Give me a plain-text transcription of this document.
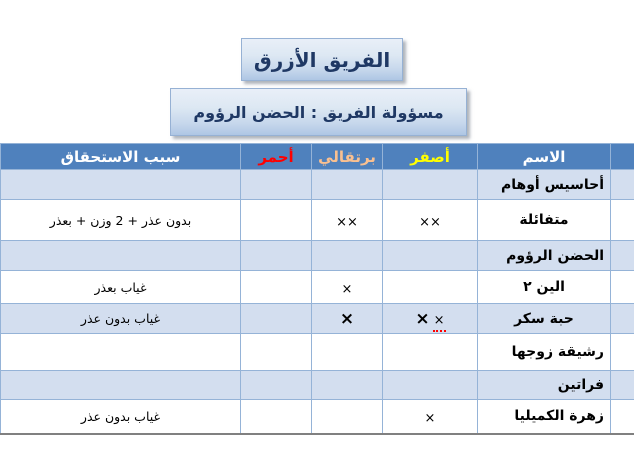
الفريق الأزرق
مسؤولة الفريق : الحضن الرؤوم
	الاسم	أصفر	برتقالي	أحمر	سبب الاستحقاق
	أحاسيس أوهام				
	متفائلة	××	××		بدون عذر + 2 وزن + بعذر
	الحضن الرؤوم				
	الين ٢		×		غياب بعذر
	حبة سكر	× ×	×		غياب بدون عذر
	رشيقة زوجها				
	فراتين				
	زهرة الكميليا	×			غياب بدون عذر
